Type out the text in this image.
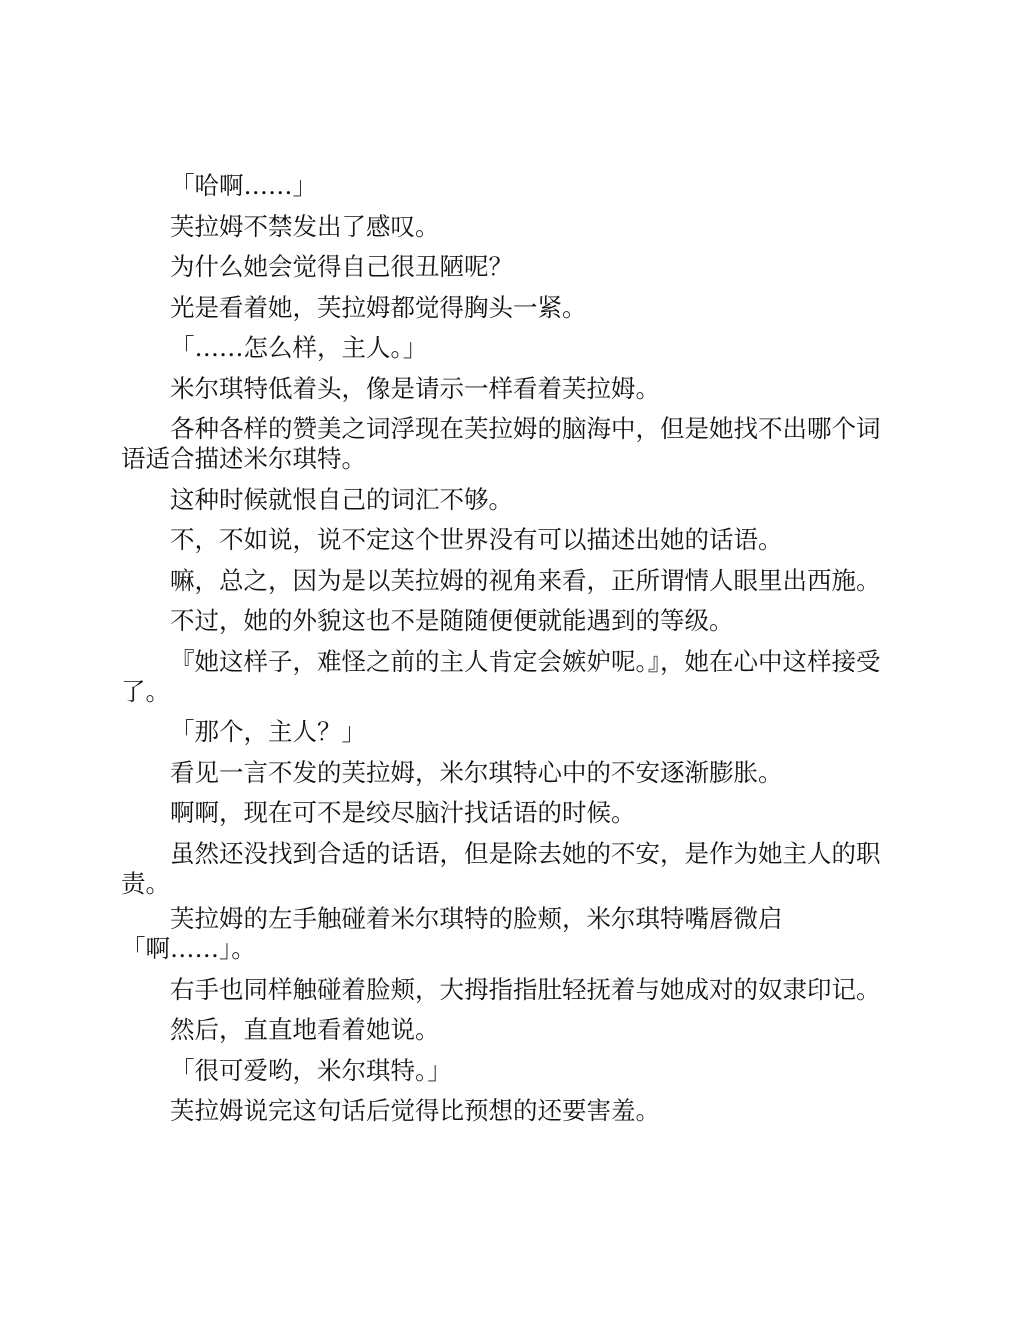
「哈啊……」

芙拉姆不禁发出了感叹。

为什么她会觉得自己很丑陋呢？

光是看着她，芙拉姆都觉得胸头一紧。

「……怎么样，主人。」

米尔琪特低着头，像是请示一样看着芙拉姆。

各种各样的赞美之词浮现在芙拉姆的脑海中，但是她找不出哪个词语适合描述米尔琪特。

这种时候就恨自己的词汇不够。

不，不如说，说不定这个世界没有可以描述出她的话语。

嘛，总之，因为是以芙拉姆的视角来看，正所谓情人眼里出西施。

不过，她的外貌这也不是随随便便就能遇到的等级。

『她这样子，难怪之前的主人肯定会嫉妒呢。』，她在心中这样接受了。

「那个，主人？」

看见一言不发的芙拉姆，米尔琪特心中的不安逐渐膨胀。

啊啊，现在可不是绞尽脑汁找话语的时候。

虽然还没找到合适的话语，但是除去她的不安，是作为她主人的职责。

芙拉姆的左手触碰着米尔琪特的脸颊，米尔琪特嘴唇微启「啊……」。

右手也同样触碰着脸颊，大拇指指肚轻抚着与她成对的奴隶印记。

然后，直直地看着她说。

「很可爱哟，米尔琪特。」

芙拉姆说完这句话后觉得比预想的还要害羞。
